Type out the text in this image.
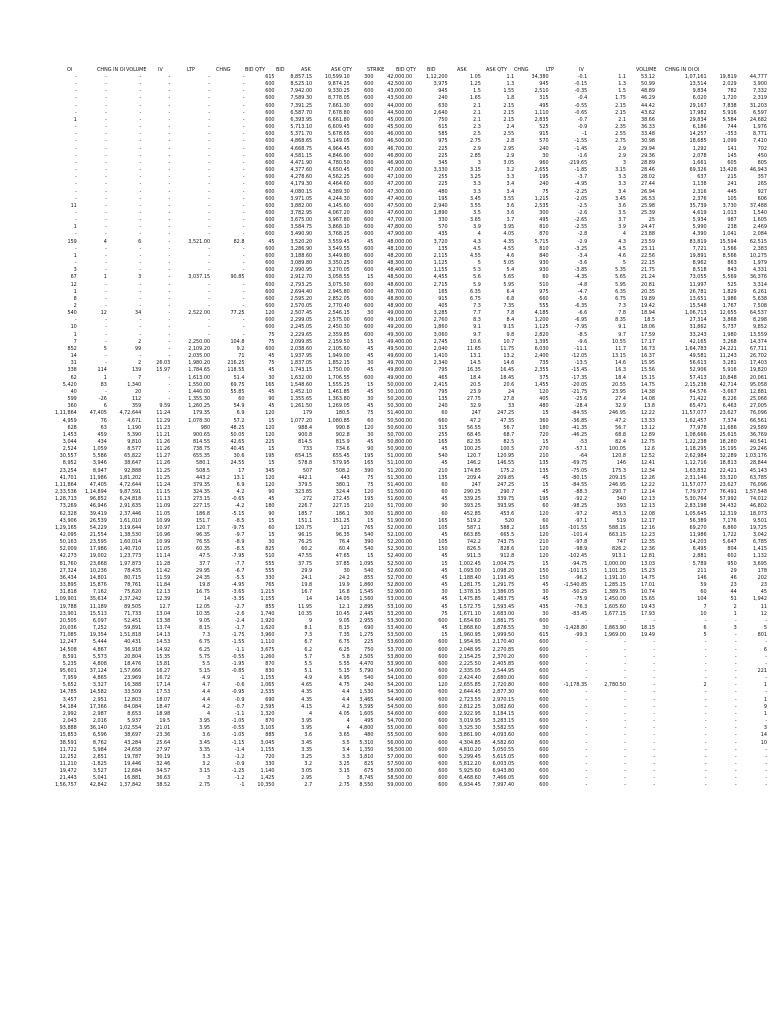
OI	CHNG IN OI VOLUME IV	LTP	CHNG	BID QTY BID	ASK	ASK QTY	STRIKE BID QTY BID	ASK	ASK QTY CHNG	LTP	IV	VOLUME CHNG IN OI OI
-	-	-	-	-	-	615	8,857.15	10,599.10	300	42,000.00	1,12,200	1.05	1.1	34,380	-0.1	1.1	53.12	1,07,161	19,819	44,777
-	-	-	-	-	-	600	8,525.10	9,874.25	600	42,500.00	3,975	1.25	1.3	945	-0.15	1.3	50.99	13,514	2,029	3,900
-	-	-	-	-	-	600	7,942.00	9,330.25	600	43,000.00	945	1.5	1.55	2,510	-0.35	1.5	48.89	9,834	782	7,332
-	-	-	-	-	-	600	7,589.30	8,778.05	600	43,500.00	240	1.65	1.8	315	-0.4	1.75	46.29	6,020	1,720	2,319
-	-	-	-	-	-	600	7,391.25	7,661.30	600	44,000.00	630	2.1	2.15	495	-0.55	2.15	44.42	29,167	7,838	31,203
-	-	-	-	-	-	600	6,587.70	7,678.80	600	44,500.00	2,640	2.1	2.15	1,110	-0.65	2.15	43.62	17,982	5,916	6,597
1	-	-	-	-	-	600	6,393.95	6,661.80	600	45,000.00	750	2.1	2.15	2,835	-0.7	2.1	38.66	29,834	5,584	24,682
-	-	-	-	-	-	600	5,713.10	6,609.45	600	45,500.00	615	2.3	2.4	525	-0.9	2.35	36.33	6,186	744	1,976
-	-	-	-	-	-	600	5,371.70	5,678.65	600	46,000.00	585	2.5	2.55	915	-1	2.55	33.48	14,257	-353	8,771
-	-	-	-	-	-	600	4,868.65	5,149.05	600	46,500.00	975	2.75	2.8	570	-1.55	2.75	30.98	18,685	1,099	7,410
-	-	-	-	-	-	600	4,668.75	4,964.45	600	46,700.00	225	2.9	2.95	240	-1.45	2.9	29.94	1,292	141	702
-	-	-	-	-	-	600	4,581.15	4,846.90	600	46,800.00	225	2.85	2.9	30	-1.6	2.9	29.36	2,078	145	450
-	-	-	-	-	-	600	4,471.90	4,780.50	600	46,900.00	345	3	3.05	960	-219.65	3	28.89	1,661	605	805
-	-	-	-	-	-	600	4,377.60	4,650.45	600	47,000.00	3,330	3.15	3.2	2,655	-1.85	3.15	28.46	69,326	13,428	46,943
-	-	-	-	-	-	600	4,278.60	4,562.25	600	47,100.00	255	3.25	3.3	195	-3.7	3.3	28.02	637	215	357
-	-	-	-	-	-	600	4,179.30	4,464.60	600	47,200.00	225	3.3	3.4	240	-4.95	3.3	27.44	1,138	241	265
-	-	-	-	-	-	600	4,080.15	4,389.30	600	47,300.00	480	3.3	3.4	75	-2.25	3.4	26.94	2,316	445	927
-	-	-	-	-	-	600	3,971.05	4,244.30	600	47,400.00	195	3.45	3.55	1,215	-2.05	3.45	26.53	2,376	105	606
11	-	-	-	-	-	600	3,882.00	4,145.60	600	47,500.00	2,940	3.55	3.6	2,535	-2.5	3.6	25.98	35,739	3,730	37,488
-	-	-	-	-	-	600	3,782.95	4,067.20	600	47,600.00	1,890	3.5	3.6	300	-2.6	3.5	25.39	4,619	1,013	1,540
-	-	-	-	-	-	600	3,675.00	3,967.80	600	47,700.00	330	3.65	3.7	495	-2.65	3.7	25	5,934	987	1,605
1	-	-	-	-	-	600	3,584.75	3,868.10	600	47,800.00	570	3.9	3.95	810	-2.55	3.9	24.47	5,990	238	2,469
-	-	-	-	-	-	600	3,490.90	3,768.25	600	47,900.00	435	4	4.05	870	-2.8	4	23.88	4,390	1,041	2,084
159	4	6	-	3,521.00	82.8	45	3,520.20	3,559.45	45	48,000.00	3,720	4.3	4.35	5,715	-2.9	4.3	23.59	83,819	15,594	62,515
-	-	-	-	-	-	600	3,286.90	3,549.55	600	48,100.00	135	4.5	4.55	810	-3.25	4.5	23.11	7,721	1,566	2,383
1	-	-	-	-	-	600	3,188.60	3,449.80	600	48,200.00	2,115	4.55	4.6	840	-3.4	4.6	22.56	19,891	8,566	10,275
-	-	-	-	-	-	600	3,089.80	3,350.25	600	48,300.00	1,125	5	5.05	930	-3.6	5	22.15	8,962	863	1,979
3	-	-	-	-	-	600	2,990.95	3,270.05	600	48,400.00	1,155	5.3	5.4	930	-3.85	5.35	21.75	8,518	843	4,331
67	1	3	-	3,037.15	90.85	600	2,912.70	3,058.55	15	48,500.00	4,455	5.6	5.65	60	-4.35	5.65	21.24	73,055	5,569	36,376
12	-	-	-	-	-	600	2,793.25	3,075.50	600	48,600.00	2,715	5.9	5.95	510	-4.8	5.95	20.81	11,997	525	3,314
1	-	-	-	-	-	600	2,694.40	2,945.80	600	48,700.00	165	6.35	6.4	975	-4.7	6.35	20.35	26,781	1,829	6,261
8	-	-	-	-	-	600	2,595.20	2,852.05	600	48,800.00	915	6.75	6.8	660	-5.6	6.75	19.89	13,651	1,986	5,638
2	-	-	-	-	-	600	2,570.05	2,770.40	600	48,900.00	405	7.3	7.35	555	-6.35	7.3	19.42	15,548	1,767	7,508
540	12	34	-	2,522.00	77.25	120	2,507.45	2,546.15	30	49,000.00	3,285	7.7	7.8	4,185	-6.6	7.8	18.94	1,06,713	12,655	64,537
-	-	-	-	-	-	600	2,299.05	2,575.00	600	49,100.00	2,760	8.3	8.4	1,200	-6.95	8.35	18.5	27,314	3,868	8,298
10	-	-	-	-	-	600	2,245.05	2,450.30	600	49,200.00	1,860	9.1	9.15	1,125	-7.95	9.1	18.06	31,862	5,737	9,852
1	-	-	-	-	-	75	2,229.65	2,359.85	600	49,300.00	3,060	9.7	9.8	2,820	-8.5	9.7	17.59	33,243	1,980	13,559
7	-	2	-	2,250.00	104.8	75	2,099.85	2,159.50	15	49,400.00	2,745	10.6	10.7	1,395	-9.6	10.55	17.17	42,165	3,268	14,374
852	5	99	-	2,109.20	9.2	600	2,038.60	2,105.60	45	49,500.00	2,040	11.65	11.75	6,030	-11.1	11.7	16.73	1,64,783	24,221	67,711
14	-	-	-	2,035.00	71	45	1,937.95	1,949.00	45	49,600.00	1,410	13.1	13.2	2,400	-12.05	13.15	16.37	49,581	11,243	26,702
31	-	2	26.03	1,980.20	216.25	75	1,837.05	1,852.15	30	49,700.00	2,340	14.5	14.6	735	-13.5	14.6	15.95	56,613	3,281	17,403
338	114	139	15.97	1,784.65	118.55	45	1,743.15	1,750.00	45	49,800.00	795	16.35	16.45	2,355	-15.45	16.3	15.56	52,906	5,916	19,820
62	1	7	-	1,613.00	51.4	30	1,632.00	1,706.55	600	49,900.00	465	18.4	18.45	375	-17.35	18.4	15.15	57,413	10,848	20,061
5,420	83	1,340	-	1,550.00	69.75	165	1,548.60	1,555.25	15	50,000.00	2,415	20.5	20.6	1,455	-20.05	20.55	14.75	2,15,238	42,714	95,058
40	-	20	-	1,440.00	55.85	45	1,452.10	1,461.85	45	50,100.00	795	23.9	24	120	-21.75	23.95	14.38	64,576	-3,667	12,881
599	-26	112	-	1,355.30	60	90	1,355.65	1,363.80	30	50,200.00	135	27.75	27.8	405	-25.6	27.4	14.08	71,422	8,226	25,066
360	6	359	9.59	1,260.25	54.9	45	1,261.50	1,269.05	45	50,300.00	240	32.9	33	480	-28.4	32.9	13.8	65,471	6,463	27,005
1,11,864	47,405	4,72,644	11.24	179.35	6.9	120	179	180.5	75	51,400.00	60	247	247.25	15	-84.55	246.95	12.22	11,57,077	23,627	76,096
4,959	76	4,671	11.29	1,078.30	57.2	15	1,077.20	1,080.85	60	50,500.00	660	47.2	47.35	360	-36.85	47.2	13.33	1,62,457	7,374	66,561
628	63	1,190	11.23	980	48.25	120	988.4	990.8	120	50,600.00	315	56.55	56.7	180	-41.35	56.7	13.12	77,978	11,686	29,589
1,453	459	5,390	11.21	900.65	50.05	120	900.8	902.8	30	50,700.00	255	68.45	68.7	720	-46.25	68.8	12.89	1,08,666	25,615	36,769
3,044	434	9,810	11.26	814.55	42.65	225	814.5	815.9	45	50,800.00	165	82.35	82.5	15	-53	82.4	12.75	1,22,238	18,280	40,541
2,524	1,059	8,577	11.26	738.75	40.45	15	733	734.6	90	50,900.00	45	100.25	100.5	270	-57.1	100.05	12.6	1,18,295	15,195	29,246
30,557	5,586	65,822	11.27	655.35	30.6	195	654.15	655.45	195	51,000.00	540	120.7	120.95	210	-64	120.8	12.52	2,62,984	32,289	1,03,176
8,952	3,946	38,647	11.26	580.1	24.55	15	578.8	579.95	165	51,100.00	45	146.2	146.55	135	-69.75	146	12.41	1,12,716	18,813	28,844
23,254	8,947	92,888	11.25	508.5	17	345	507	508.2	390	51,200.00	210	174.85	175.2	135	-75.05	175.3	12.34	1,63,832	22,421	45,143
41,701	11,986	1,81,202	11.25	443.2	13.1	120	442.1	443	75	51,300.00	135	209.4	209.85	45	-80.15	209.15	12.26	2,31,146	33,320	63,785
1,11,864	47,405	4,72,644	11.24	379.35	6.9	120	379.5	380.1	75	51,400.00	60	247	247.25	15	-84.55	246.95	12.22	11,57,077	23,627	76,096
2,33,536	1,14,894	9,87,591	11.15	324.35	4.2	90	323.85	324.4	120	51,500.00	60	290.25	290.7	45	-88.3	290.7	12.14	7,79,977	76,491	1,57,548
1,28,713	96,852	6,24,818	11.13	273.15	-0.65	45	272	272.45	195	51,600.00	45	339.25	339.75	195	-92.2	340	12.13	5,30,764	57,992	74,012
73,269	46,946	2,91,635	11.09	227.15	-4.2	180	226.7	227.15	210	51,700.00	90	393.25	393.95	60	-98.25	393	12.13	2,83,198	34,432	46,802
62,328	39,419	2,37,446	11.05	186.8	-5.15	90	185.7	186.1	300	51,800.00	60	452.85	453.6	120	-97.2	453.3	12.08	1,05,645	12,319	18,073
43,906	26,539	1,61,010	10.99	151.7	-8.5	15	151.1	151.25	15	51,900.00	165	519.2	520	60	-97.1	519	12.17	56,389	7,176	9,501
1,29,165	54,229	3,19,644	10.97	120.7	-9.75	60	120.75	121	765	52,000.00	105	587.1	588.2	165	-101.55	588.15	12.16	69,270	6,860	19,725
42,095	21,554	1,38,530	10.96	96.35	-9.7	15	96.15	96.35	540	52,100.00	45	663.85	665.5	120	-101.4	663.15	12.23	11,986	1,722	3,042
50,163	23,595	1,60,014	10.99	76.55	-8.9	30	76.25	76.4	390	52,200.00	105	742.2	743.75	210	-97.8	747	12.35	14,203	5,647	6,785
52,009	17,986	1,40,710	11.05	60.35	-8.5	825	60.2	60.4	540	52,300.00	150	826.5	828.6	120	-98.9	826.2	12.36	6,495	804	1,415
42,273	19,002	1,23,773	11.14	47.5	-7.95	510	47.55	47.65	15	52,400.00	45	911.3	912.8	120	-102.45	913.1	12.81	2,881	602	1,132
81,760	23,668	1,97,873	11.28	37.7	-7.7	555	37.75	37.85	1,095	52,500.00	15	1,002.45	1,004.75	15	-94.75	1,000.00	13.03	5,789	950	3,695
27,324	10,236	78,435	11.42	29.95	-6.7	555	29.9	30	540	52,600.00	45	1,093.00	1,098.20	150	-101.15	1,101.25	15.23	211	29	178
36,434	14,801	80,715	11.59	24.35	-5.5	330	24.1	24.2	855	52,700.00	45	1,188.40	1,193.45	150	-96.2	1,191.10	14.75	146	46	202
33,895	15,876	78,761	11.84	19.8	-4.95	765	19.8	19.9	1,860	52,800.00	45	1,281.75	1,291.75	45	-1,540.85	1,285.15	17.01	59	23	23
31,818	7,162	75,620	12.13	16.75	-3.65	1,215	16.7	16.8	1,545	52,900.00	30	1,378.15	1,386.05	30	-50.25	1,389.75	10.74	60	44	45
1,09,901	35,614	2,37,242	12.39	14	-3.35	1,155	14	14.05	1,560	53,000.00	45	1,475.85	1,483.75	45	-75.9	1,450.00	15.65	104	51	1,942
19,788	11,189	89,505	12.7	12.05	-2.7	855	11.95	12.1	2,895	53,100.00	45	1,572.75	1,593.45	435	-76.3	1,605.60	19.43	7	2	11
23,901	15,513	71,733	13.04	10.35	-2.6	1,740	10.35	10.45	2,445	53,200.00	75	1,671.10	1,683.00	30	-83.45	1,677.15	17.93	10	1	12
20,505	6,097	52,451	13.38	9.05	-2.4	1,920	9	9.05	2,955	53,300.00	600	1,654.60	1,881.75	600	-	-	-	-	-	-
20,036	7,252	59,891	13.74	8.15	-1.7	1,620	8.1	8.15	690	53,400.00	45	1,868.60	1,878.55	30	-1,428.80	1,863.90	18.15	6	3	5
71,085	19,354	1,51,818	14.13	7.3	-1.75	3,960	7.3	7.35	1,275	53,500.00	15	1,960.95	1,999.50	615	-99.3	1,969.00	19.49	5	-	801
12,247	5,444	40,431	14.53	6.75	-1.55	1,110	6.7	6.75	225	53,600.00	600	1,954.95	2,170.40	600	-	-	-	-	-	-
14,508	4,867	36,918	14.92	6.25	-1.1	3,675	6.2	6.25	750	53,700.00	600	2,048.95	2,270.85	600	-	-	-	-	-	6
8,591	5,573	20,804	15.35	5.75	-0.55	1,260	5.7	5.8	2,505	53,800.00	600	2,154.25	2,370.20	600	-	-	-	-	-	-
5,235	4,808	18,476	15.81	5.5	-1.95	870	5.5	5.55	4,470	53,900.00	600	2,225.50	2,405.85	600	-	-	-	-	-	-
95,601	37,124	1,57,666	16.27	5.15	-0.85	830	5.1	5.15	5,790	54,000.00	600	2,335.05	2,544.95	600	-	-	-	-	-	221
7,959	4,865	23,969	16.72	4.9	-1	1,155	4.9	4.95	540	54,100.00	600	2,424.40	2,680.00	600	-	-	-	-	-	-
5,652	3,327	16,388	17.14	4.7	-0.6	1,065	4.65	4.75	240	54,200.00	120	2,655.85	2,720.80	600	-1,178.35	2,780.50	-	2	-	1
14,785	14,582	33,509	17.53	4.4	-0.95	2,535	4.35	4.4	1,530	54,300.00	600	2,644.45	2,877.30	600	-	-	-	-	-	-
3,457	2,951	12,803	18.07	4.4	-0.9	690	4.35	4.4	3,465	54,400.00	600	2,723.55	2,970.15	600	-	-	-	-	-	1
54,184	17,366	84,084	18.47	4.2	-0.7	2,595	4.15	4.2	5,595	54,500.00	600	2,812.25	3,082.60	600	-	-	-	-	-	9
2,992	2,987	8,653	18.98	4	-1.1	1,320	4	4.05	1,605	54,600.00	600	2,922.95	3,184.15	600	-	-	-	-	-	1
2,043	2,016	5,937	19.5	3.95	-1.05	870	3.95	4	495	54,700.00	600	3,019.95	3,283.15	600	-	-	-	-	-	-
93,888	36,140	1,02,554	21.01	3.95	-0.55	3,105	3.95	4	4,800	55,000.00	600	3,325.30	3,582.55	600	-	-	-	-	-	3
15,853	6,596	38,697	23.36	3.6	-1.05	885	3.6	3.65	480	55,500.00	600	3,861.90	4,093.60	600	-	-	-	-	-	14
38,591	8,762	43,284	25.64	3.45	-1.15	3,045	3.45	3.5	5,310	56,000.00	600	4,304.85	4,582.60	600	-	-	-	-	-	10
11,722	5,984	24,658	27.97	3.35	-1.4	1,155	3.35	3.4	1,350	56,500.00	600	4,810.20	5,050.55	600	-	-	-	-	-	-
12,252	2,851	19,787	30.19	3.3	-1.2	720	3.25	3.3	3,810	57,000.00	600	5,299.45	5,615.05	600	-	-	-	-	-	-
11,210	-1,825	19,446	32.46	3.2	-0.9	330	3.2	3.25	825	57,500.00	600	5,812.20	6,003.05	600	-	-	-	-	-	-
19,472	3,527	12,684	34.57	3.15	-1.25	1,140	3.05	3.15	675	58,000.00	600	5,925.60	6,943.80	600	-	-	-	-	-	-
21,443	5,041	16,881	36.63	3	-1.2	1,425	2.95	3	8,745	58,500.00	600	6,468.60	7,466.05	600	-	-	-	-	-	-
1,56,757	42,842	1,37,842	38.52	2.75	-1	10,350	2.7	2.75	8,550	59,000.00	600	6,934.45	7,997.40	600	-	-	-	-	-	-
